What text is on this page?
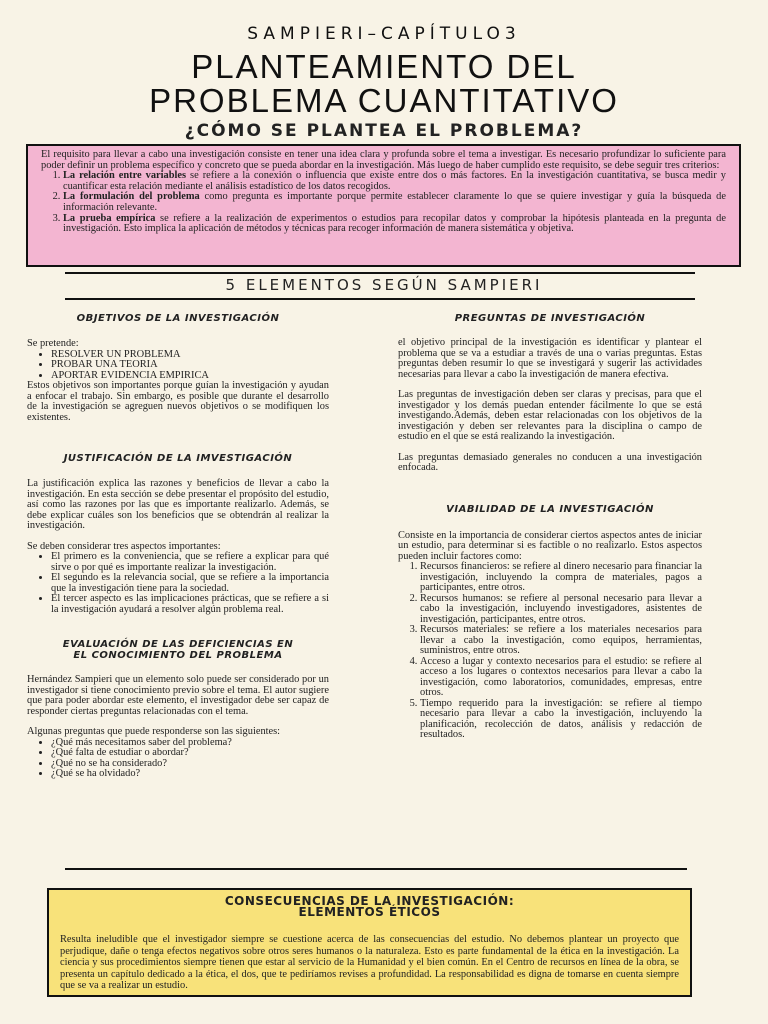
SAMPIERI–CAPÍTULO3
PLANTEAMIENTO DEL
PROBLEMA CUANTITATIVO
¿CÓMO SE PLANTEA EL PROBLEMA?

El requisito para llevar a cabo una investigación consiste en tener una idea clara y profunda sobre el tema a investigar. Es necesario profundizar lo suficiente para poder definir un problema específico y concreto que se pueda abordar en la investigación. Más luego de haber cumplido este requisito, se debe seguir tres criterios:

1. La relación entre variables se refiere a la conexión o influencia que existe entre dos o más factores. En la investigación cuantitativa, se busca medir y cuantificar esta relación mediante el análisis estadístico de los datos recogidos.
2. La formulación del problema como pregunta es importante porque permite establecer claramente lo que se quiere investigar y guía la búsqueda de información relevante.
3. La prueba empírica se refiere a la realización de experimentos o estudios para recopilar datos y comprobar la hipótesis planteada en la pregunta de investigación. Esto implica la aplicación de métodos y técnicas para recoger información de manera sistemática y objetiva.
5 ELEMENTOS SEGÚN SAMPIERI
OBJETIVOS DE LA INVESTIGACIÓN

Se pretende:

• RESOLVER UN PROBLEMA
• PROBAR UNA TEORIA
• APORTAR EVIDENCIA EMPIRICA

Estos objetivos son importantes porque guían la investigación y ayudan a enfocar el trabajo. Sin embargo, es posible que durante el desarrollo de la investigación se agreguen nuevos objetivos o se modifiquen los existentes.

JUSTIFICACIÓN DE LA IMVESTIGACIÓN

La justificación explica las razones y beneficios de llevar a cabo la investigación. En esta sección se debe presentar el propósito del estudio, así como las razones por las que es importante realizarlo. Además, se debe explicar cuáles son los beneficios que se obtendrán al realizar la investigación.

Se deben considerar tres aspectos importantes:

• El primero es la conveniencia, que se refiere a explicar para qué sirve o por qué es importante realizar la investigación.
• El segundo es la relevancia social, que se refiere a la importancia que la investigación tiene para la sociedad.
• El tercer aspecto es las implicaciones prácticas, que se refiere a si la investigación ayudará a resolver algún problema real.
EVALUACIÓN DE LAS DEFICIENCIAS EN
EL CONOCIMIENTO DEL PROBLEMA

Hernández Sampieri que un elemento solo puede ser considerado por un investigador si tiene conocimiento previo sobre el tema. El autor sugiere que para poder abordar este elemento, el investigador debe ser capaz de responder ciertas preguntas relacionadas con el tema.

Algunas preguntas que puede responderse son las siguientes:

• ¿Qué más necesitamos saber del problema?
• ¿Qué falta de estudiar o abordar?
• ¿Qué no se ha considerado?
• ¿Qué se ha olvidado?
PREGUNTAS DE INVESTIGACIÓN

el objetivo principal de la investigación es identificar y plantear el problema que se va a estudiar a través de una o varias preguntas. Estas preguntas deben resumir lo que se investigará y sugerir las actividades necesarias para llevar a cabo la investigación de manera efectiva.

Las preguntas de investigación deben ser claras y precisas, para que el investigador y los demás puedan entender fácilmente lo que se está investigando.Además, deben estar relacionadas con los objetivos de la investigación y deben ser relevantes para la disciplina o campo de estudio en el que se está realizando la investigación.

Las preguntas demasiado generales no conducen a una investigación enfocada.

VIABILIDAD DE LA INVESTIGACIÓN

Consiste en la importancia de considerar ciertos aspectos antes de iniciar un estudio, para determinar si es factible o no realizarlo. Estos aspectos pueden incluir factores como:

1. Recursos financieros: se refiere al dinero necesario para financiar la investigación, incluyendo la compra de materiales, pagos a participantes, entre otros.
2. Recursos humanos: se refiere al personal necesario para llevar a cabo la investigación, incluyendo investigadores, asistentes de investigación, participantes, entre otros.
3. Recursos materiales: se refiere a los materiales necesarios para llevar a cabo la investigación, como equipos, herramientas, suministros, entre otros.
4. Acceso a lugar y contexto necesarios para el estudio: se refiere al acceso a los lugares o contextos necesarios para llevar a cabo la investigación, como laboratorios, comunidades, empresas, entre otros.
5. Tiempo requerido para la investigación: se refiere al tiempo necesario para llevar a cabo la investigación, incluyendo la planificación, recolección de datos, análisis y redacción de resultados.
CONSECUENCIAS DE LA INVESTIGACIÓN:
ELEMENTOS ÉTICOS

Resulta ineludible que el investigador siempre se cuestione acerca de las consecuencias del estudio. No debemos plantear un proyecto que perjudique, dañe o tenga efectos negativos sobre otros seres humanos o la naturaleza. Esto es parte fundamental de la ética en la investigación. La ciencia y sus procedimientos siempre tienen que estar al servicio de la Humanidad y el bien común. En el Centro de recursos en línea de la obra, se presenta un capítulo dedicado a la ética, el dos, que te pediríamos revises a profundidad. La responsabilidad es digna de tomarse en cuenta siempre que se va a realizar un estudio.
